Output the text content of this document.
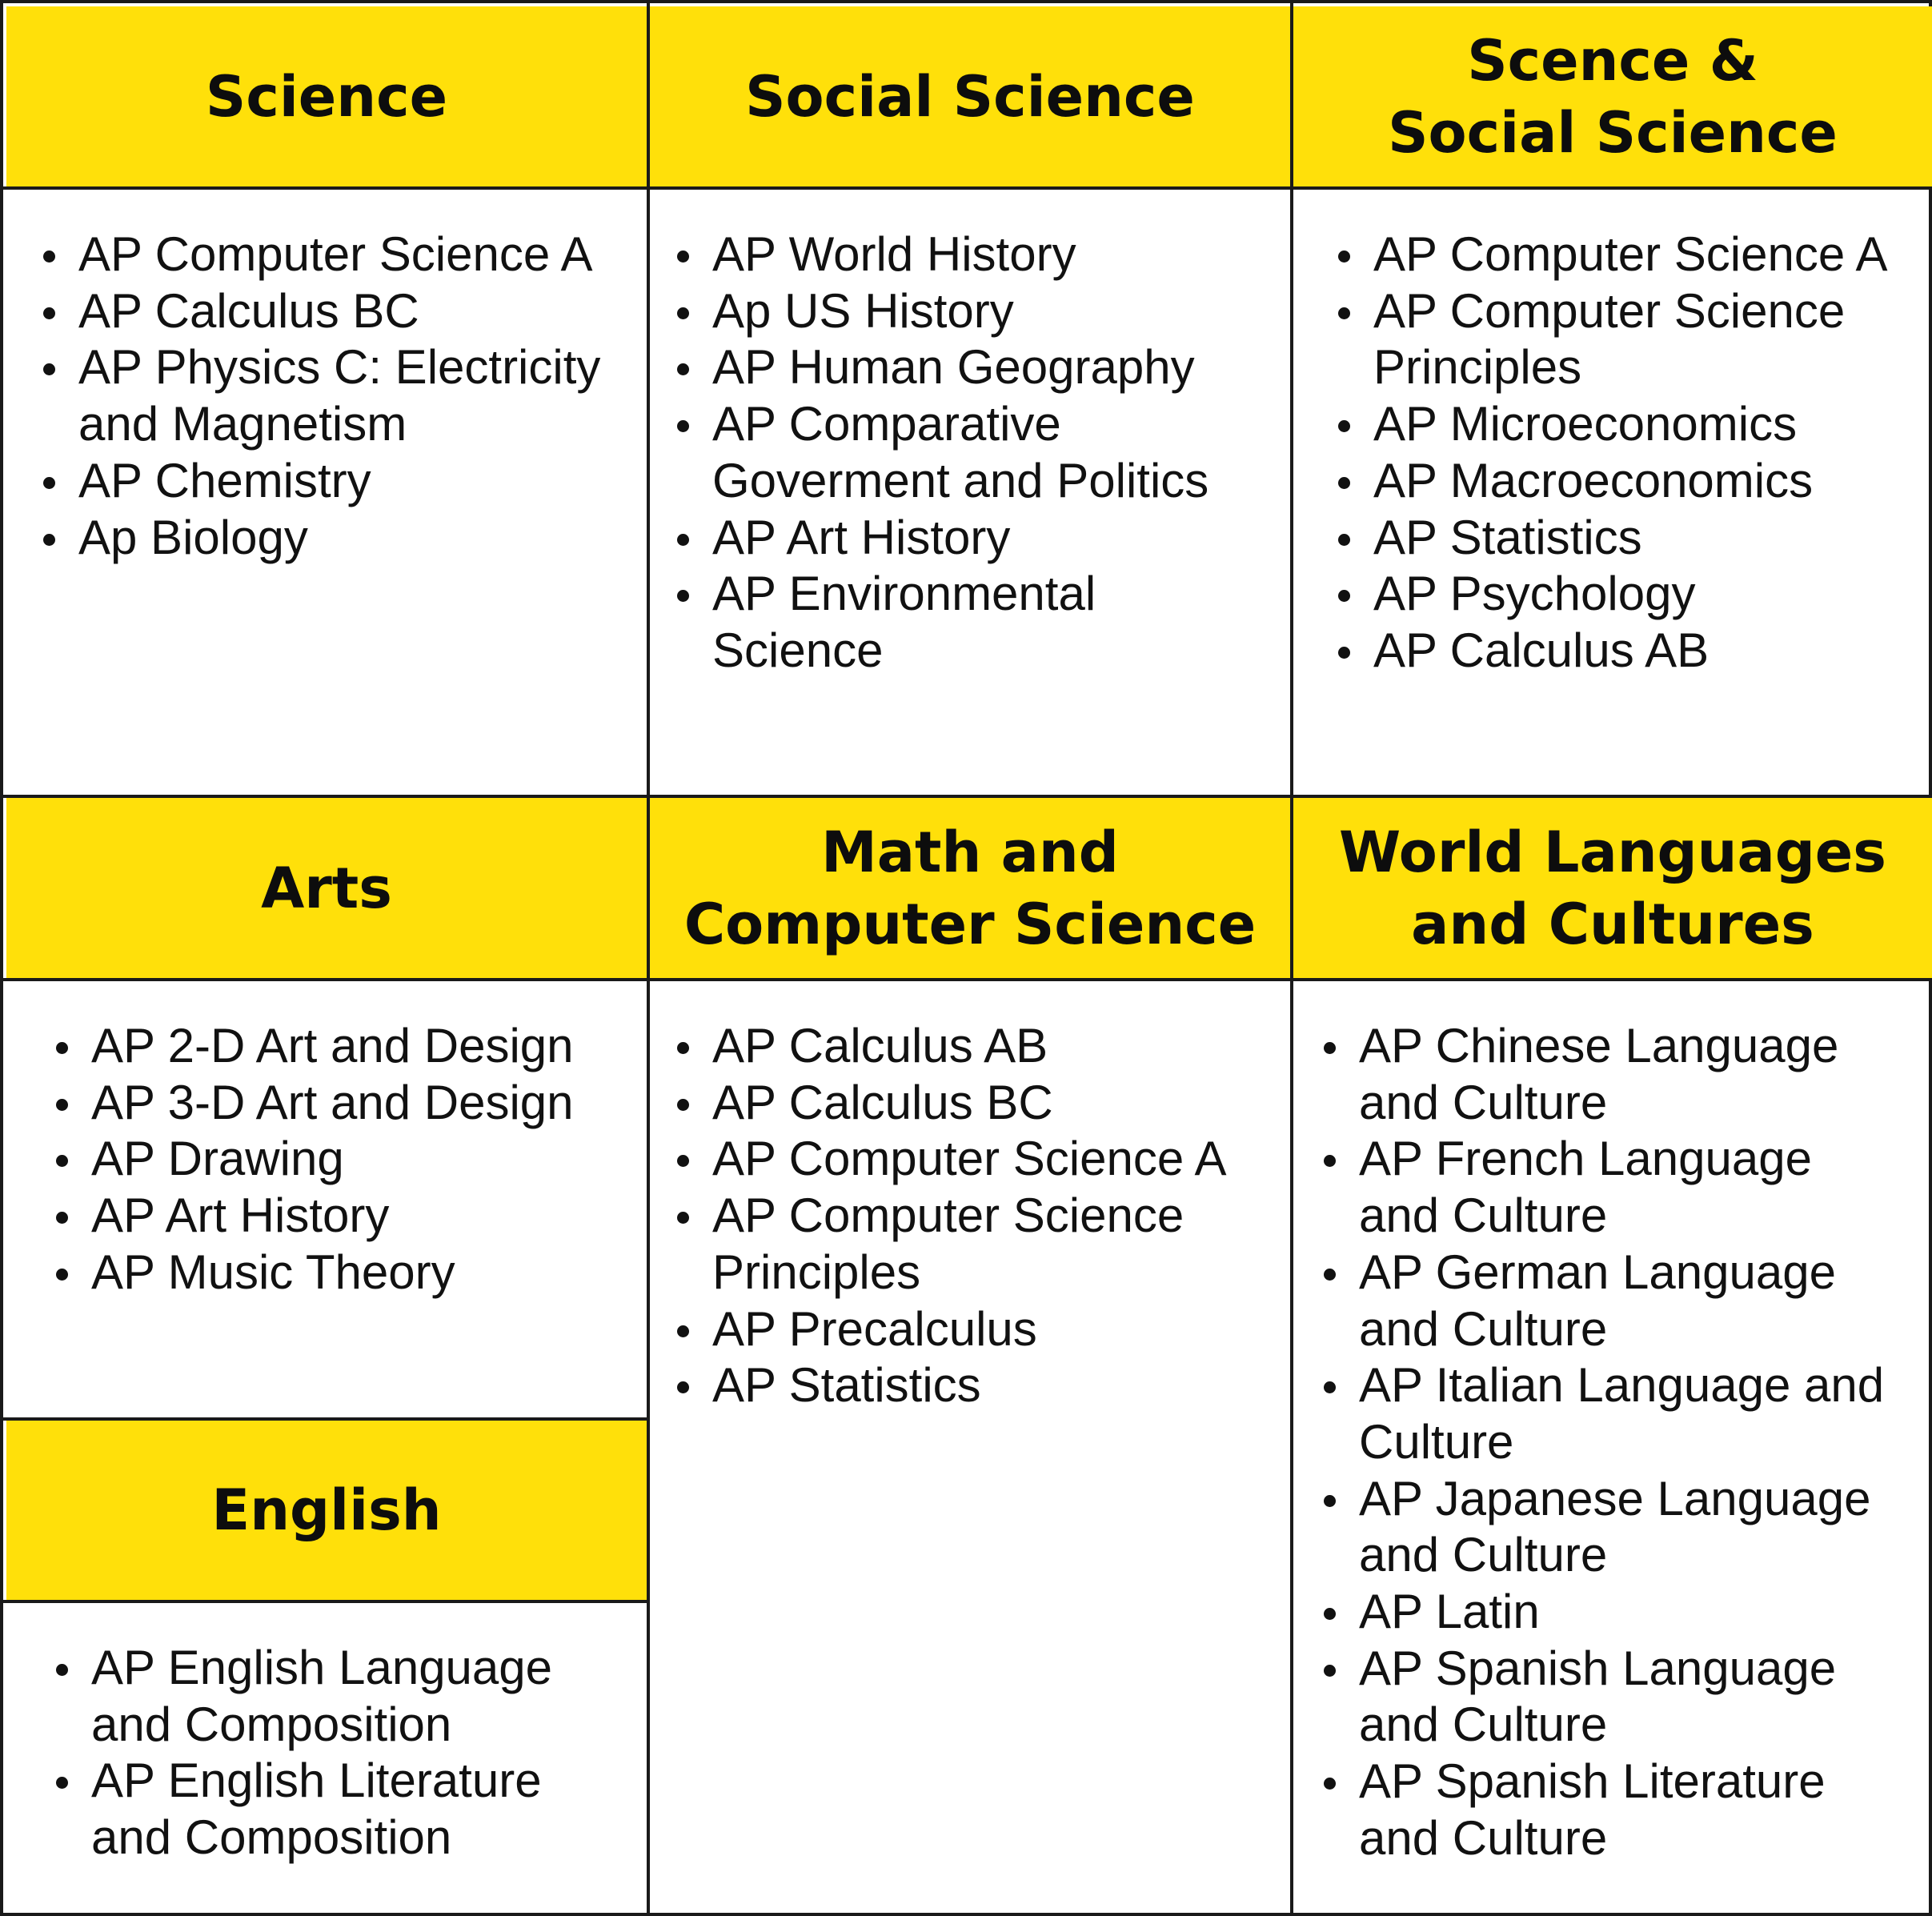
Science	Social Science
Scence &
Social Science
Arts
Math and
Computer Science
World Languages
and Cultures
English
AP Computer Science A
AP Calculus BC
AP Physics C: Electricity
and Magnetism
AP Chemistry
Ap Biology
AP World History
Ap US History
AP Human Geography
AP Comparative
Goverment and Politics
AP Art History
AP Environmental
Science
AP Computer Science A
AP Computer Science
Principles
AP Microeconomics
AP Macroeconomics
AP Statistics
AP Psychology
AP Calculus AB
AP 2-D Art and Design
AP 3-D Art and Design
AP Drawing
AP Art History
AP Music Theory
AP Calculus AB
AP Calculus BC
AP Computer Science A
AP Computer Science
Principles
AP Precalculus
AP Statistics
AP Chinese Language
and Culture
AP French Language
and Culture
AP German Language
and Culture
AP Italian Language and
Culture
AP Japanese Language
and Culture
AP Latin
AP Spanish Language
and Culture
AP Spanish Literature
and Culture
AP English Language
and Composition
AP English Literature
and Composition
